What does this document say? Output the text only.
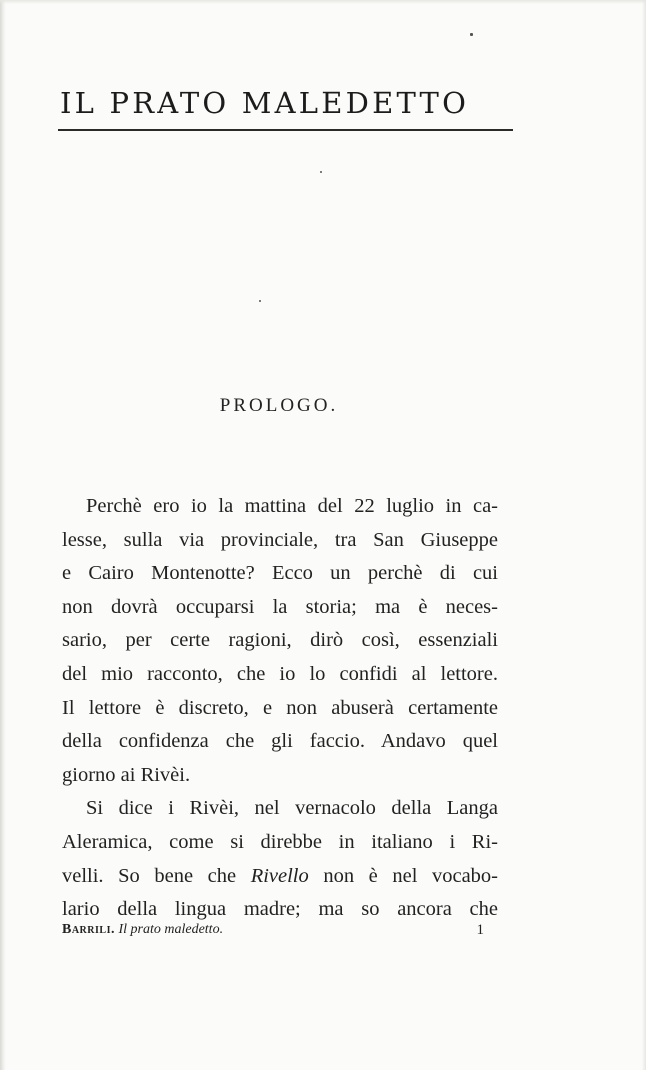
IL PRATO MALEDETTO
PROLOGO.
Perchè ero io la mattina del 22 luglio in ca-
lesse, sulla via provinciale, tra San Giuseppe
e Cairo Montenotte? Ecco un perchè di cui
non dovrà occuparsi la storia; ma è neces-
sario, per certe ragioni, dirò così, essenziali
del mio racconto, che io lo confidi al lettore.
Il lettore è discreto, e non abuserà certamente
della confidenza che gli faccio. Andavo quel
giorno ai Rivèi.
Si dice i Rivèi, nel vernacolo della Langa
Aleramica, come si direbbe in italiano i Ri-
velli. So bene che Rivello non è nel vocabo-
lario della lingua madre; ma so ancora che
Barrili. Il prato maledetto.	1
